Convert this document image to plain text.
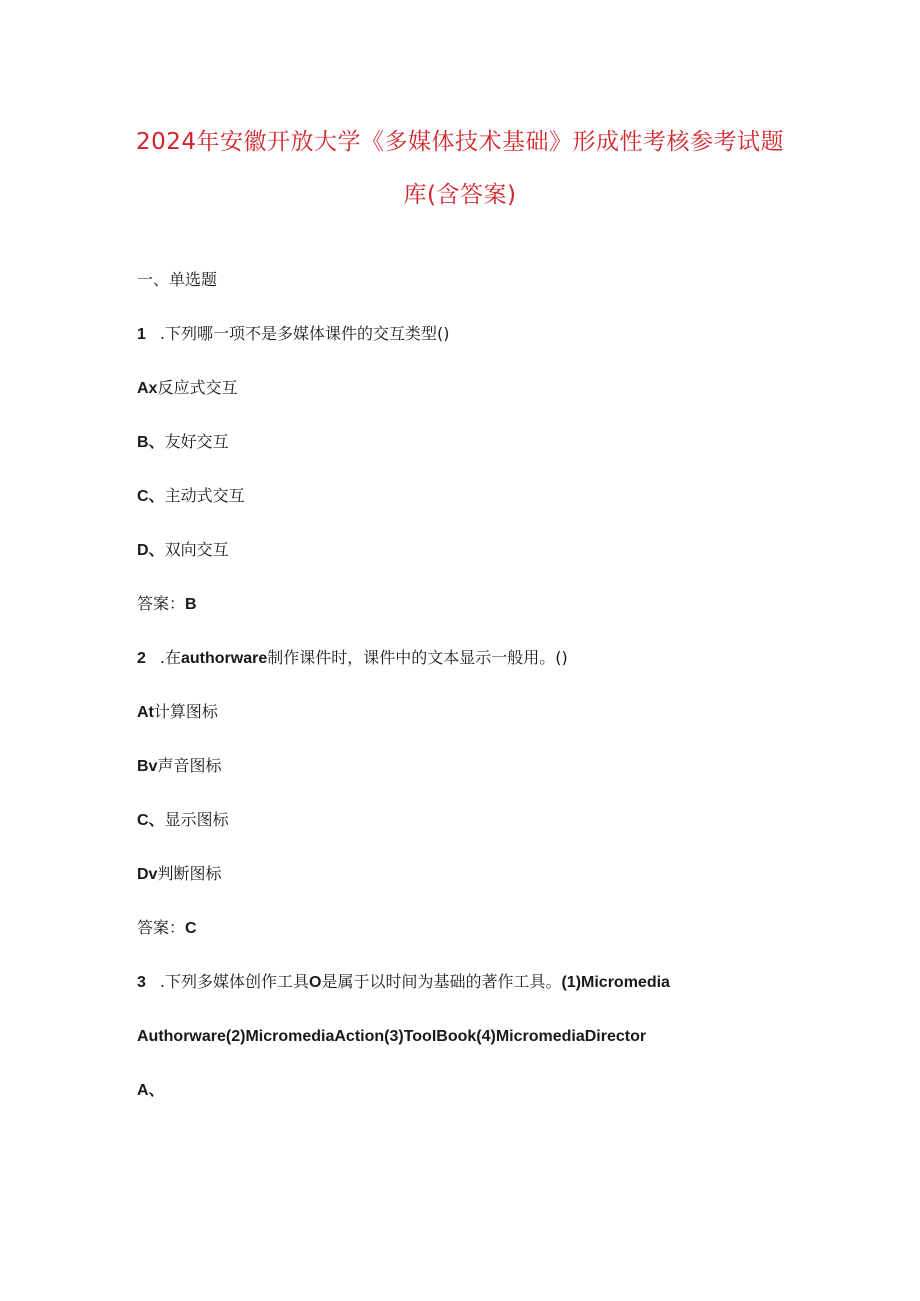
2024年安徽开放大学《多媒体技术基础》形成性考核参考试题
库(含答案)
一、单选题
1 .下列哪一项不是多媒体课件的交互类型()
Ax反应式交互
B、友好交互
C、主动式交互
D、双向交互
答案：B
2 .在authorware制作课件时，课件中的文本显示一般用。()
At计算图标
Bv声音图标
C、显示图标
Dv判断图标
答案：C
3 .下列多媒体创作工具O是属于以时间为基础的著作工具。(1)Micromedia
Authorware(2)MicromediaAction(3)TooIBook(4)MicromediaDirector
A、
